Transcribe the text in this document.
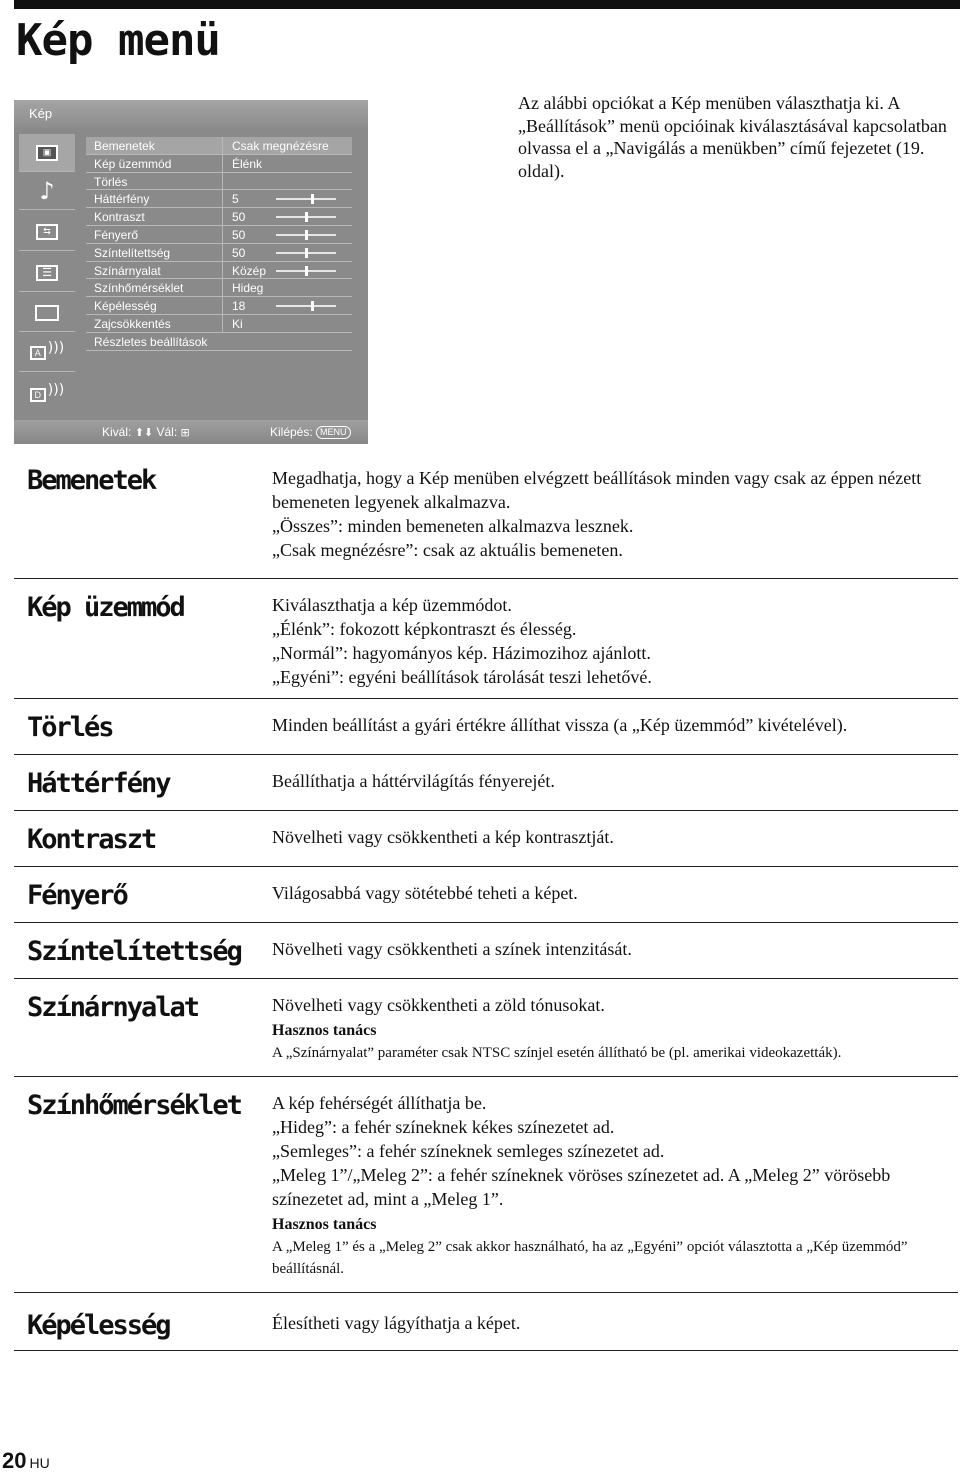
Kép menü

Az alábbi opciókat a Kép menüben választhatja ki. A „Beállítások” menü opcióinak kiválasztásával kapcsolatban olvassa el a „Navigálás a menükben” című fejezetet (19. oldal).

Kép
▣
♪
⇆
☰
A )))
D )))
Bemenetek	Csak megnézésre
Kép üzemmód	Élénk
Törlés
Háttérfény	5
Kontraszt	50
Fényerő	50
Színtelítettség	50
Színárnyalat	Közép
Színhőmérséklet	Hideg
Képélesség	18
Zajcsökkentés	Ki
Részletes beállítások
Kivál: ⬆⬇ Vál: ⊞	Kilépés: MENU
Bemenetek	Megadhatja, hogy a Kép menüben elvégzett beállítások minden vagy csak az éppen nézett bemeneten legyenek alkalmazva.
„Összes”: minden bemeneten alkalmazva lesznek.
„Csak megnézésre”: csak az aktuális bemeneten.
Kép üzemmód	Kiválaszthatja a kép üzemmódot.
„Élénk”: fokozott képkontraszt és élesség.
„Normál”: hagyományos kép. Házimozihoz ajánlott.
„Egyéni”: egyéni beállítások tárolását teszi lehetővé.
Törlés	Minden beállítást a gyári értékre állíthat vissza (a „Kép üzemmód” kivételével).
Háttérfény	Beállíthatja a háttérvilágítás fényerejét.
Kontraszt	Növelheti vagy csökkentheti a kép kontrasztját.
Fényerő	Világosabbá vagy sötétebbé teheti a képet.
Színtelítettség	Növelheti vagy csökkentheti a színek intenzitását.
Színárnyalat	Növelheti vagy csökkentheti a zöld tónusokat.
Hasznos tanács
A „Színárnyalat” paraméter csak NTSC színjel esetén állítható be (pl. amerikai videokazetták).
Színhőmérséklet	A kép fehérségét állíthatja be.
„Hideg”: a fehér színeknek kékes színezetet ad.
„Semleges”: a fehér színeknek semleges színezetet ad.
„Meleg 1”/„Meleg 2”: a fehér színeknek vöröses színezetet ad. A „Meleg 2” vörösebb színezetet ad, mint a „Meleg 1”.
Hasznos tanács
A „Meleg 1” és a „Meleg 2” csak akkor használható, ha az „Egyéni” opciót választotta a „Kép üzemmód” beállításnál.
Képélesség	Élesítheti vagy lágyíthatja a képet.
20 HU
